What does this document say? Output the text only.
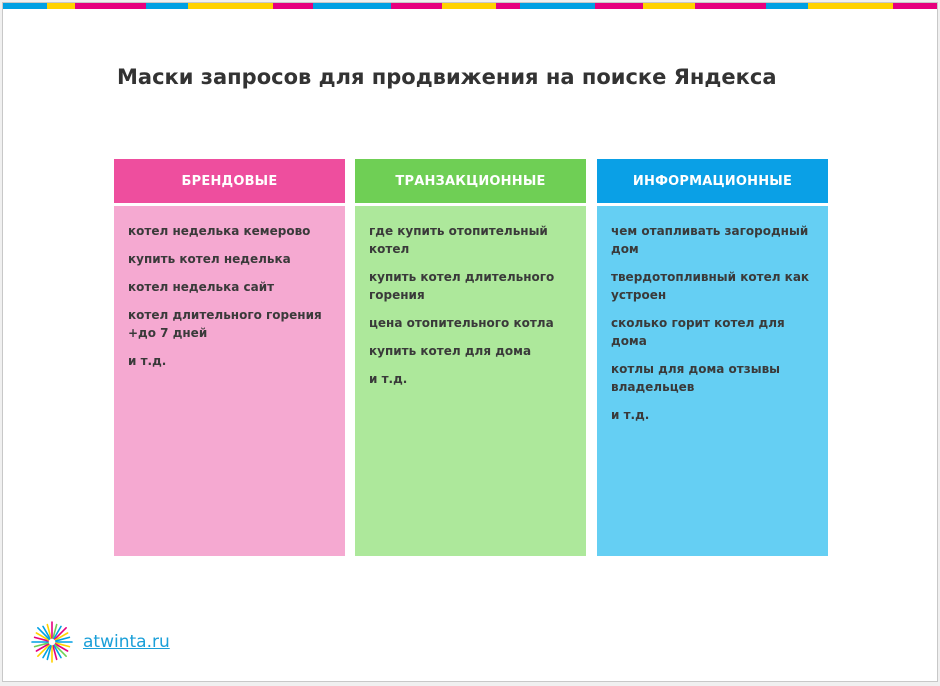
Маски запросов для продвижения на поиске Яндекса
БРЕНДОВЫЕ
котел неделька кемерово
купить котел неделька
котел неделька сайт
котел длительного горения +до 7 дней
и т.д.
ТРАНЗАКЦИОННЫЕ
где купить отопительный котел
купить котел длительного горения
цена отопительного котла
купить котел для дома
и т.д.
ИНФОРМАЦИОННЫЕ
чем отапливать загородный дом
твердотопливный котел как устроен
сколько горит котел для дома
котлы для дома отзывы владельцев
и т.д.
atwinta.ru
